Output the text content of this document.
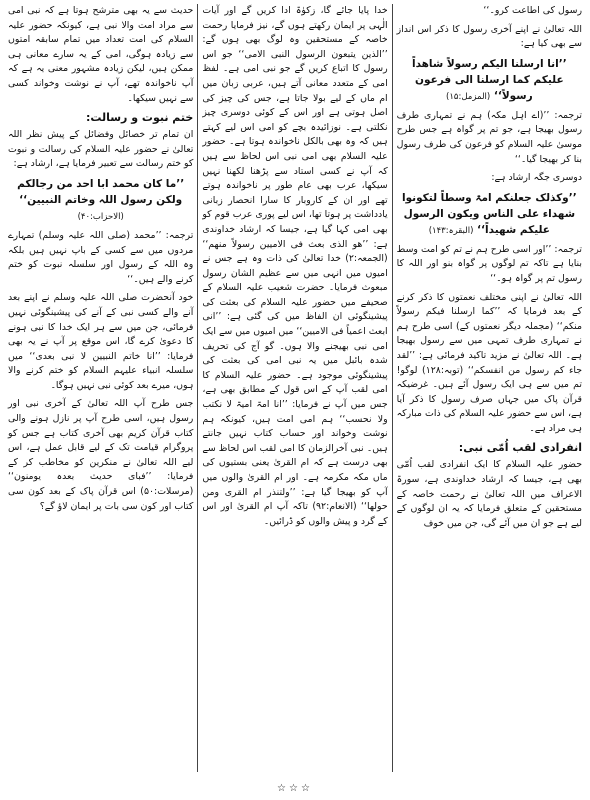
رسول کی اطاعت کرو۔‘‘

اللہ تعالیٰ نے اپنے آخری رسول کا ذکر اس انداز سے بھی کیا ہے:

’’انا ارسلنا الیکم رسولاً شاھداً علیکم کما ارسلنا الی فرعون رسولاً‘‘ (المزمل:۱۵)

ترجمہ: ’’(اے اہل مکہ) ہم نے تمہاری طرف رسول بھیجا ہے، جو تم پر گواہ ہے جس طرح موسیٰ علیہ السلام کو فرعون کی طرف رسول بنا کر بھیجا گیا۔‘‘

دوسری جگہ ارشاد ہے:

’’وکذلک جعلنکم امۃ وسطاً لتکونوا شھداء علی الناس ویکون الرسول علیکم شھیداً‘‘ (البقرہ:۱۴۳)

ترجمہ: ’’اور اسی طرح ہم نے تم کو امت وسط بنایا ہے تاکہ تم لوگوں پر گواہ بنو اور اللہ کا رسول تم پر گواہ ہو۔‘‘

اللہ تعالیٰ نے اپنی مختلف نعمتوں کا ذکر کرنے کے بعد فرمایا کہ ’’کما ارسلنا فیکم رسولاً منکم‘‘ (مجملہ دیگر نعمتوں کے) اسی طرح ہم نے تمہاری طرف تمہی میں سے رسول بھیجا ہے۔ اللہ تعالیٰ نے مزید تاکید فرمائی ہے: ’’لقد جاء کم رسول من انفسکم‘‘ (توبہ:۱۲۸) لوگو! تم میں سے ہی ایک رسول آئے ہیں۔ غرضیکہ قرآن پاک میں جہاں صرف رسول کا ذکر آیا ہے، اس سے حضور علیہ السلام کی ذات مبارکہ ہی مراد ہے۔

انفرادی لقب اُمّی نبی:

حضور علیہ السلام کا ایک انفرادی لقب اُمّی بھی ہے، جیسا کہ ارشاد خداوندی ہے، سورۃ الاعراف میں اللہ تعالیٰ نے رحمت خاصہ کے مستحقین کے متعلق فرمایا کہ یہ ان لوگوں کے لیے ہے جو ان میں آئے گی، جن میں خوف

خدا پایا جائے گا، زکوٰۃ ادا کریں گے اور آیات الٰہی پر ایمان رکھتے ہوں گے، نیز فرمایا رحمت خاصہ کے مستحقین وہ لوگ بھی ہوں گے: ’’الذین یتبعون الرسول النبی الامی‘‘ جو اس رسول کا اتباع کریں گے جو نبی امی ہے۔ لفظ امی کے متعدد معانی آتے ہیں، عربی زبان میں ام ماں کے لیے بولا جاتا ہے، جس کی چیز کی اصل ہوتی ہے اور اس کے کوئی دوسری چیز نکلتی ہے۔ نوزائیدہ بچے کو امی اس لیے کہتے ہیں کہ وہ بھی بالکل ناخواندہ ہوتا ہے۔ حضور علیہ السلام بھی امی نبی اس لحاظ سے ہیں کہ آپ نے کسی استاد سے پڑھنا لکھنا نہیں سیکھا، عرب بھی عام طور پر ناخواندہ ہوتے تھے اور ان کے کاروبار کا سارا انحصار زبانی یادداشت پر ہوتا تھا، اس لیے پوری عرب قوم کو بھی امی کہا گیا ہے، جیسا کہ ارشاد خداوندی ہے: ’’ھو الذی بعث فی الامیین رسولاً منھم‘‘ (الجمعہ:۲) خدا تعالیٰ کی ذات وہ ہے جس نے امیوں میں انہی میں سے عظیم الشان رسول مبعوث فرمایا۔ حضرت شعیب علیہ السلام کے صحیفے میں حضور علیہ السلام کی بعثت کی پیشینگوئی ان الفاظ میں کی گئی ہے: ’’انی ابعث اعمیاً فی الامیین‘‘ میں امیوں میں سے ایک امی نبی بھیجنے والا ہوں۔ گو آج کی تحریف شدہ بائبل میں یہ نبی امی کی بعثت کی پیشینگوئی موجود ہے۔ حضور علیہ السلام کا امی لقب آپ کے اس قول کے مطابق بھی ہے، جس میں آپ نے فرمایا: ’’انا امۃ امیۃ لا نکتب ولا نحسب‘‘ ہم امی امت ہیں، کیونکہ ہم نوشت وخواند اور حساب کتاب نہیں جانتے ہیں۔ نبی آخرالزمان کا امی لقب اس لحاظ سے بھی درست ہے کہ ام القریٰ یعنی بستیوں کی ماں مکہ مکرمہ ہے۔ اور ام القریٰ والوں میں آپ کو بھیجا گیا ہے: ’’ولتنذر ام القری ومن حولھا‘‘ (الانعام:۹۲) تاکہ آپ ام القریٰ اور اس کے گرد و پیش والوں کو ڈرائیں۔

حدیث سے یہ بھی مترشح ہوتا ہے کہ نبی امی سے مراد امت والا نبی ہے، کیونکہ حضور علیہ السلام کی امت تعداد میں تمام سابقہ امتوں سے زیادہ ہوگی، امی کے یہ سارے معانی ہی ممکن ہیں، لیکن زیادہ مشہور معنی یہ ہے کہ آپ ناخواندہ تھے، آپ نے نوشت وخواند کسی سے نہیں سیکھا۔

ختم نبوت و رسالت:

ان تمام تر خصائل وفضائل کے پیش نظر اللہ تعالیٰ نے حضور علیہ السلام کی رسالت و نبوت کو ختم رسالت سے تعبیر فرمایا ہے، ارشاد ہے:

’’ما کان محمد ابا احد من رجالکم ولکن رسول اللہ وخاتم النبیین‘‘ (الاحزاب:۴۰)

ترجمہ: ’’محمد (صلی اللہ علیہ وسلم) تمہارے مردوں میں سے کسی کے باپ نہیں ہیں بلکہ وہ اللہ کے رسول اور سلسلہ نبوت کو ختم کرنے والے ہیں۔‘‘

خود آنحضرت صلی اللہ علیہ وسلم نے اپنے بعد آنے والے کسی نبی کے آنے کی پیشینگوئی نہیں فرمائی، جن میں سے ہر ایک خدا کا نبی ہونے کا دعویٰ کرے گا، اس موقع پر آپ نے یہ بھی فرمایا: ’’انا خاتم النبیین لا نبی بعدی‘‘ میں سلسلہ انبیاء علیہم السلام کو ختم کرنے والا ہوں، میرے بعد کوئی نبی نہیں ہوگا۔

جس طرح آپ اللہ تعالیٰ کے آخری نبی اور رسول ہیں، اسی طرح آپ پر نازل ہونے والی کتاب قرآن کریم بھی آخری کتاب ہے جس کو پروگرام قیامت تک کے لیے قابل عمل ہے، اس لیے اللہ تعالیٰ نے منکرین کو مخاطب کر کے فرمایا: ’’فبای حدیث بعدہ یومنون‘‘ (مرسلات:۵۰) اس قرآن پاک کے بعد کون سی کتاب اور کون سی بات پر ایمان لاؤ گے؟

☆☆☆
